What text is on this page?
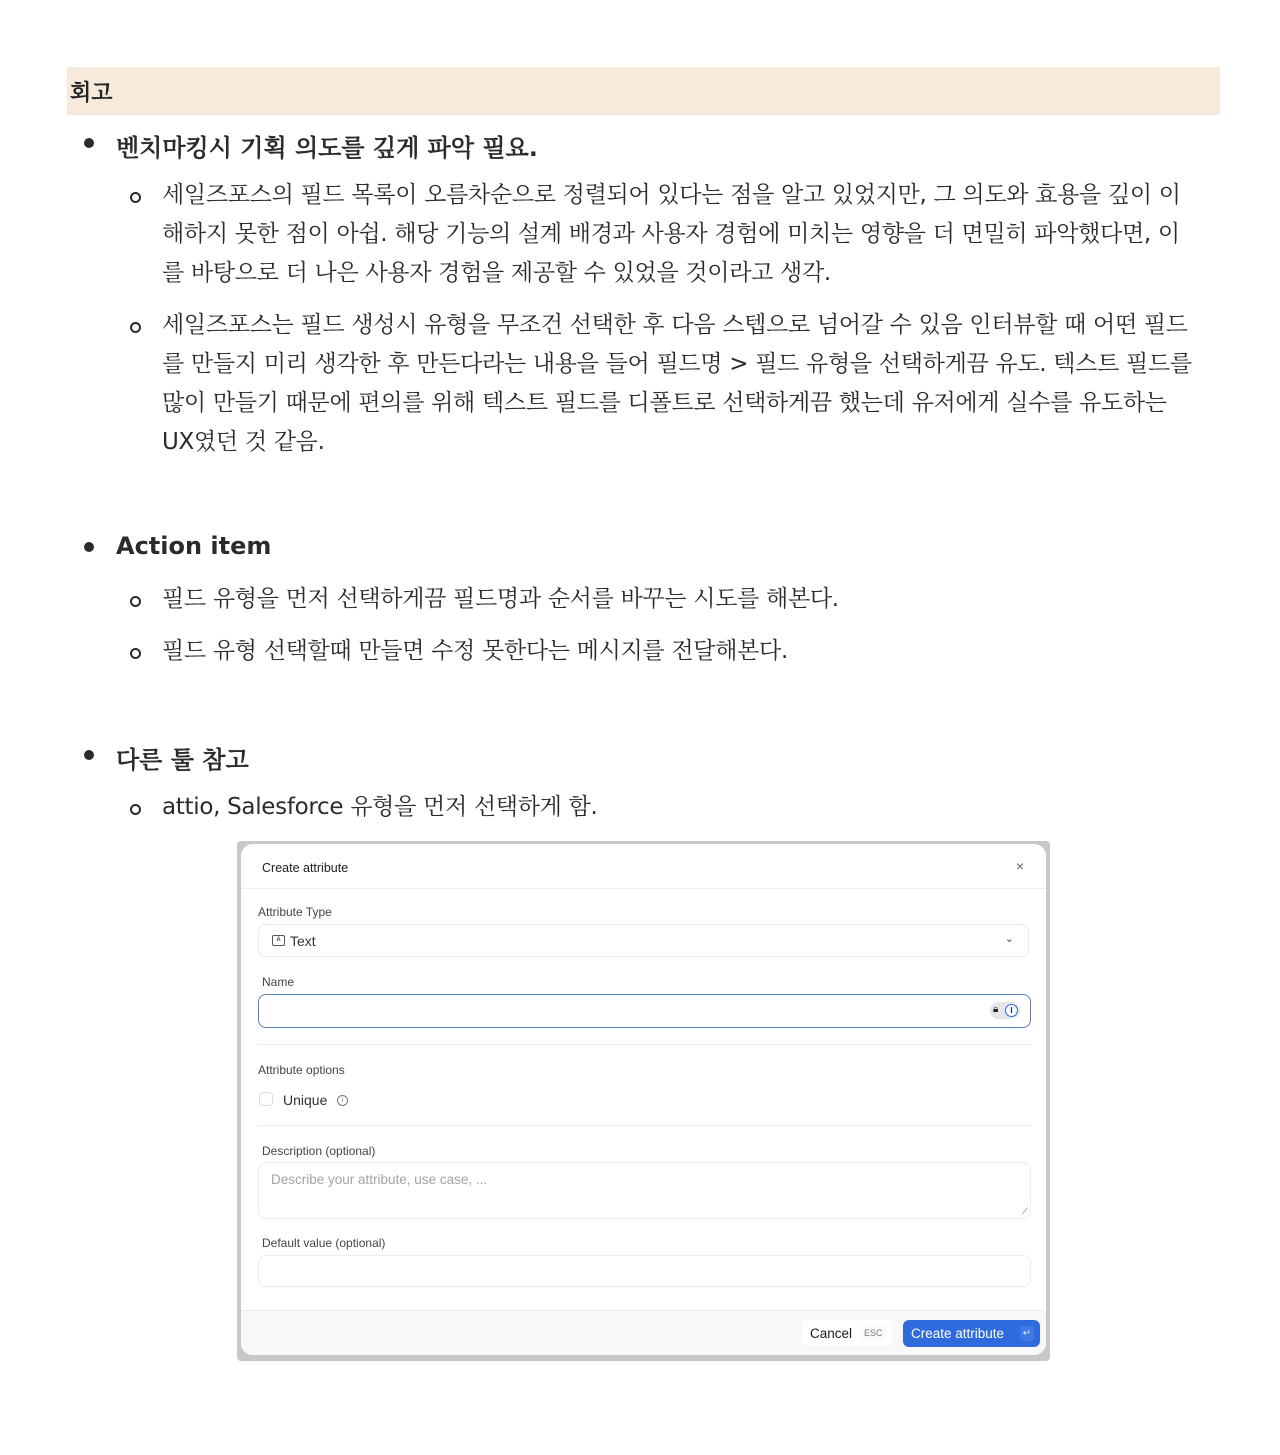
회고
벤치마킹시 기획 의도를 깊게 파악 필요.
세일즈포스의 필드 목록이 오름차순으로 정렬되어 있다는 점을 알고 있었지만, 그 의도와 효용을 깊이 이
해하지 못한 점이 아쉽. 해당 기능의 설계 배경과 사용자 경험에 미치는 영향을 더 면밀히 파악했다면, 이
를 바탕으로 더 나은 사용자 경험을 제공할 수 있었을 것이라고 생각.
세일즈포스는 필드 생성시 유형을 무조건 선택한 후 다음 스텝으로 넘어갈 수 있음 인터뷰할 때 어떤 필드
를 만들지 미리 생각한 후 만든다라는 내용을 들어 필드명 > 필드 유형을 선택하게끔 유도. 텍스트 필드를
많이 만들기 때문에 편의를 위해 텍스트 필드를 디폴트로 선택하게끔 했는데 유저에게 실수를 유도하는
UX였던 것 같음.
Action item
필드 유형을 먼저 선택하게끔 필드명과 순서를 바꾸는 시도를 해본다.
필드 유형 선택할때 만들면 수정 못한다는 메시지를 전달해본다.
다른 툴 참고
attio, Salesforce 유형을 먼저 선택하게 함.
Create attribute	×
Attribute Type
A Text	⌄
Name
🔒︎	I
Attribute options
Unique	i
Description (optional)
Describe your attribute, use case, ...
⟋
Default value (optional)
Cancel	ESC Create attribute ↵
